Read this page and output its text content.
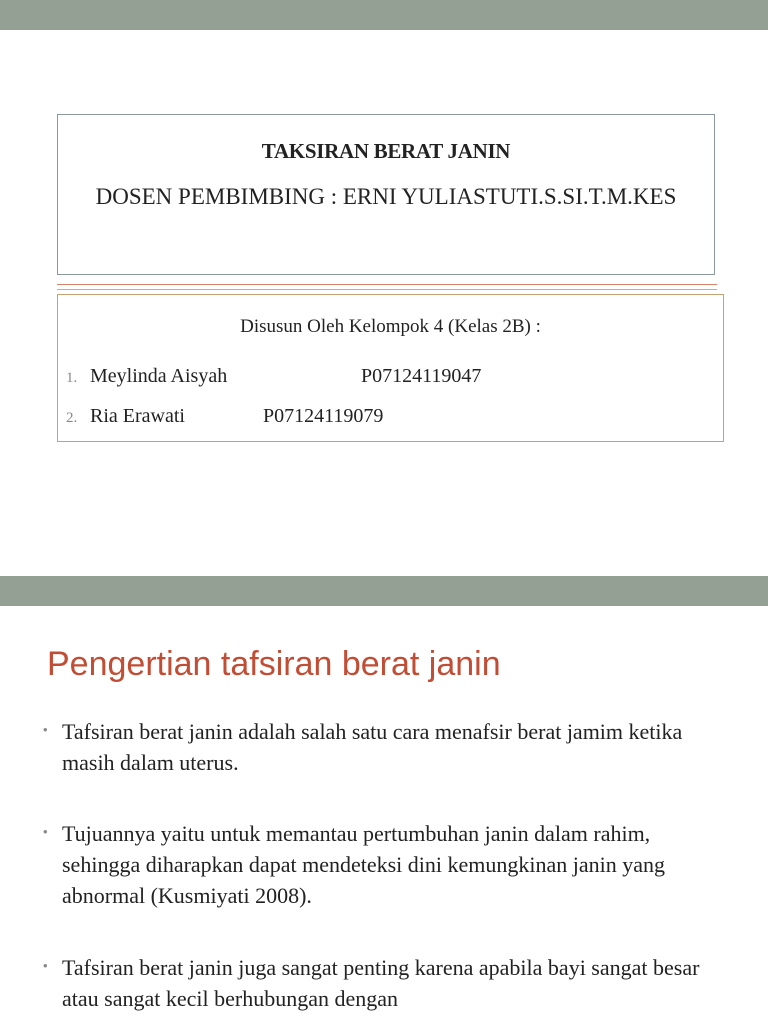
TAKSIRAN BERAT JANIN
DOSEN PEMBIMBING : ERNI YULIASTUTI.S.SI.T.M.KES
Disusun Oleh Kelompok 4 (Kelas 2B) :
1. Meylinda Aisyah	P07124119047
2. Ria Erawati	P07124119079
Pengertian tafsiran berat janin
• Tafsiran berat janin adalah salah satu cara menafsir berat jamim ketika masih dalam uterus.
• Tujuannya yaitu untuk memantau pertumbuhan janin dalam rahim, sehingga diharapkan dapat mendeteksi dini kemungkinan janin yang abnormal (Kusmiyati 2008).
• Tafsiran berat janin juga sangat penting karena apabila bayi sangat besar atau sangat kecil berhubungan dengan
